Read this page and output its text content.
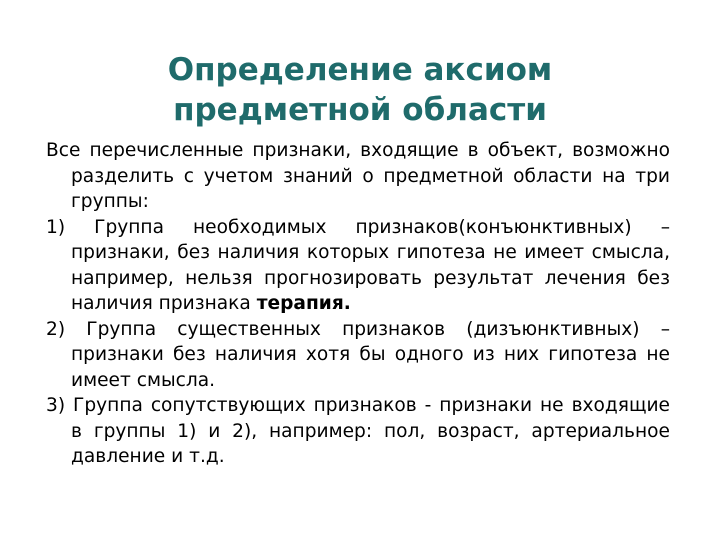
Определение аксиом
предметной области

Все перечисленные признаки, входящие в объект, возможно разделить с учетом знаний о предметной области на три группы:

1) Группа необходимых признаков(конъюнктивных) – признаки, без наличия которых гипотеза не имеет смысла, например, нельзя прогнозировать результат лечения без наличия признака терапия.

2) Группа существенных признаков (дизъюнктивных) – признаки без наличия хотя бы одного из них гипотеза не имеет смысла.

3) Группа сопутствующих признаков - признаки не входящие в группы 1) и 2), например: пол, возраст, артериальное давление и т.д.
